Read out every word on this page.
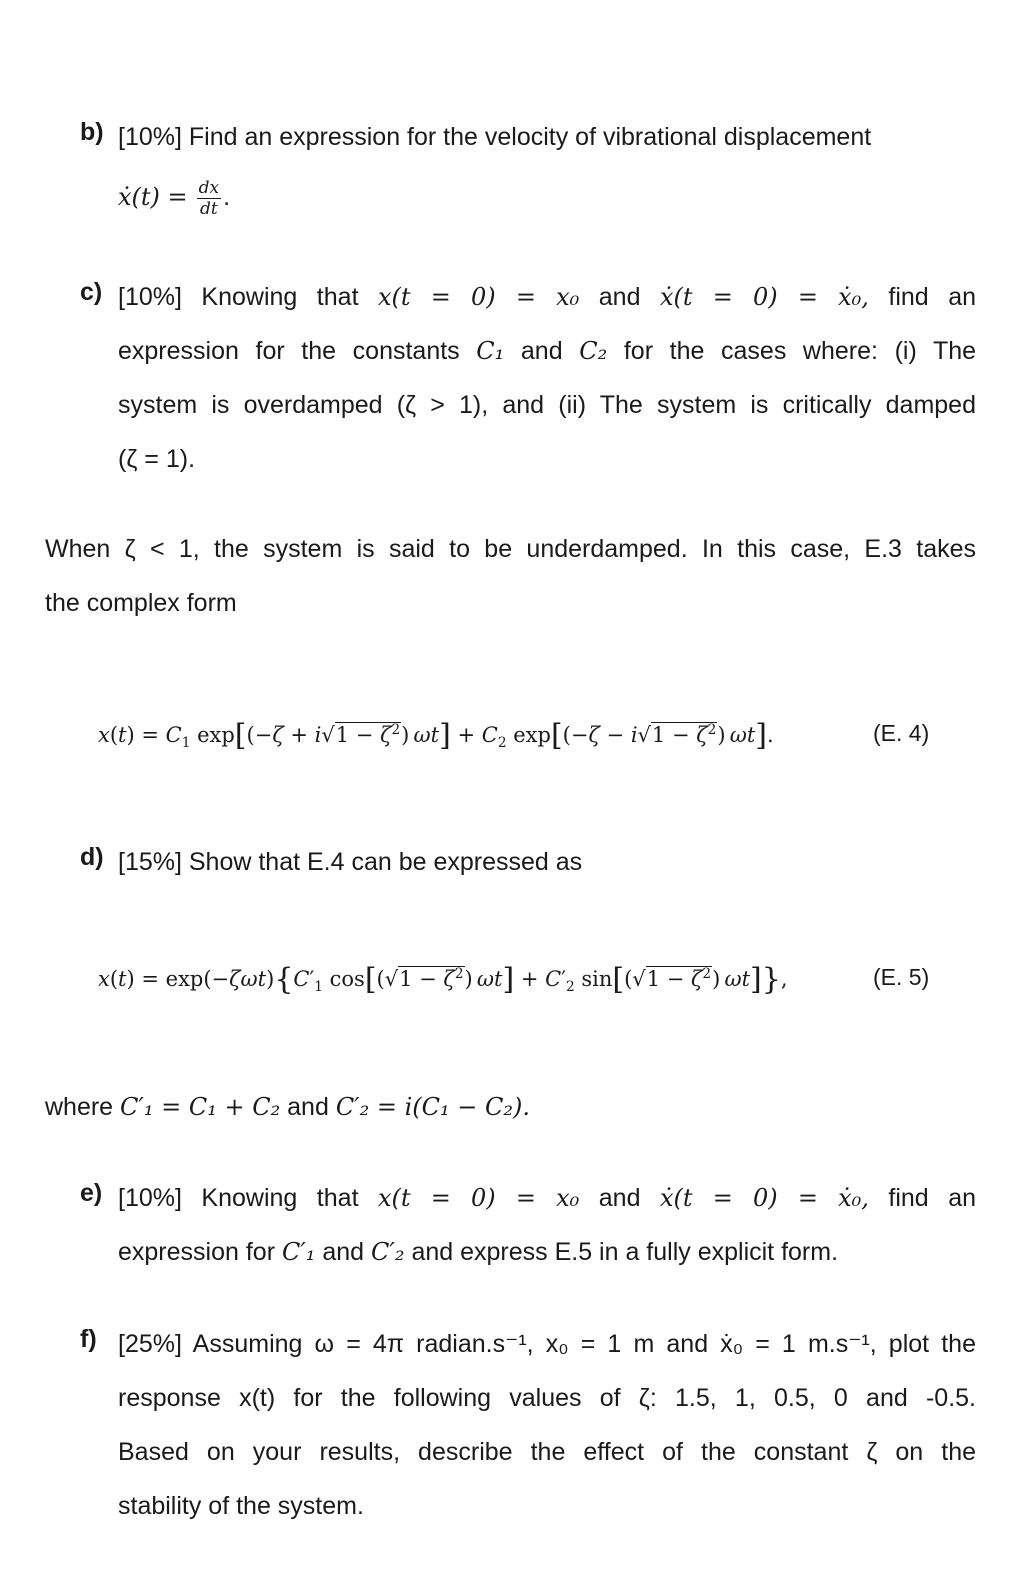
b) [10%] Find an expression for the velocity of vibrational displacement
ẋ(t) = $\frac{dx}{dt}$ .
c) [10%] Knowing that x(t = 0) = x₀ and ẋ(t = 0) = ẋ₀, find an
expression for the constants C₁ and C₂ for the cases where: (i) The
system is overdamped (ζ > 1), and (ii) The system is critically damped
(ζ = 1).
When ζ < 1, the system is said to be underdamped. In this case, E.3 takes
the complex form
$x(t) = C_1$ $\exp[(-\zeta + i√1 - \zeta^2)$ $\omega t] + C_2$ $\exp[(-\zeta - i√1 - \zeta^2)$ ωt].	(E. 4)
d) [15%] Show that E.4 can be expressed as
$x(t) = \exp(-\zeta\omega t)\{C'_1$ $\cos[(√1 - \zeta^2)$ $\omega t] + C'_2$ $\sin[(√1 - \zeta^2)$ ωt]},	(E. 5)
where C′₁ = C₁ + C₂ and C′₂ = i(C₁ − C₂).
e) [10%] Knowing that x(t = 0) = x₀ and ẋ(t = 0) = ẋ₀, find an
expression for C′₁ and C′₂ and express E.5 in a fully explicit form.
f) [25%] Assuming ω = 4π radian.s⁻¹, x₀ = 1 m and ẋ₀ = 1 m.s⁻¹, plot the
response x(t) for the following values of ζ: 1.5, 1, 0.5, 0 and -0.5.
Based on your results, describe the effect of the constant ζ on the
stability of the system.
